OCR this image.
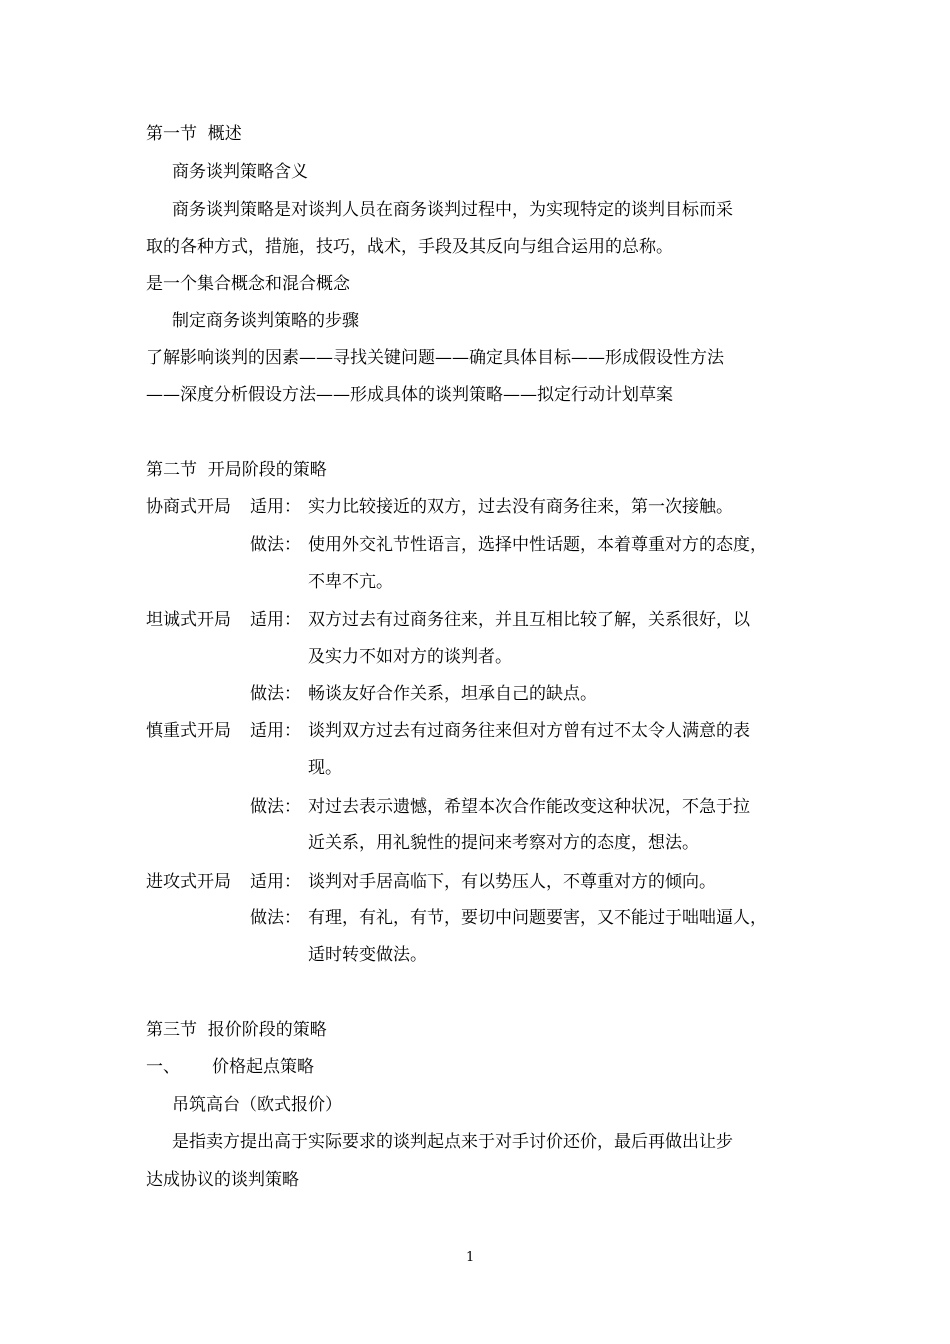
第一节  概述
商务谈判策略含义
商务谈判策略是对谈判人员在商务谈判过程中，为实现特定的谈判目标而采
取的各种方式，措施，技巧，战术，手段及其反向与组合运用的总称。
是一个集合概念和混合概念
制定商务谈判策略的步骤
了解影响谈判的因素——寻找关键问题——确定具体目标——形成假设性方法
——深度分析假设方法——形成具体的谈判策略——拟定行动计划草案
第二节  开局阶段的策略
协商式开局 适用： 实力比较接近的双方，过去没有商务往来，第一次接触。
做法： 使用外交礼节性语言，选择中性话题，本着尊重对方的态度，
不卑不亢。
坦诚式开局 适用： 双方过去有过商务往来，并且互相比较了解，关系很好，以
及实力不如对方的谈判者。
做法： 畅谈友好合作关系，坦承自己的缺点。
慎重式开局 适用： 谈判双方过去有过商务往来但对方曾有过不太令人满意的表
现。
做法： 对过去表示遗憾，希望本次合作能改变这种状况，不急于拉
近关系，用礼貌性的提问来考察对方的态度，想法。
进攻式开局 适用： 谈判对手居高临下，有以势压人，不尊重对方的倾向。
做法： 有理，有礼，有节，要切中问题要害，又不能过于咄咄逼人，
适时转变做法。
第三节  报价阶段的策略
一、 价格起点策略
吊筑高台（欧式报价）
是指卖方提出高于实际要求的谈判起点来于对手讨价还价，最后再做出让步
达成协议的谈判策略
1
